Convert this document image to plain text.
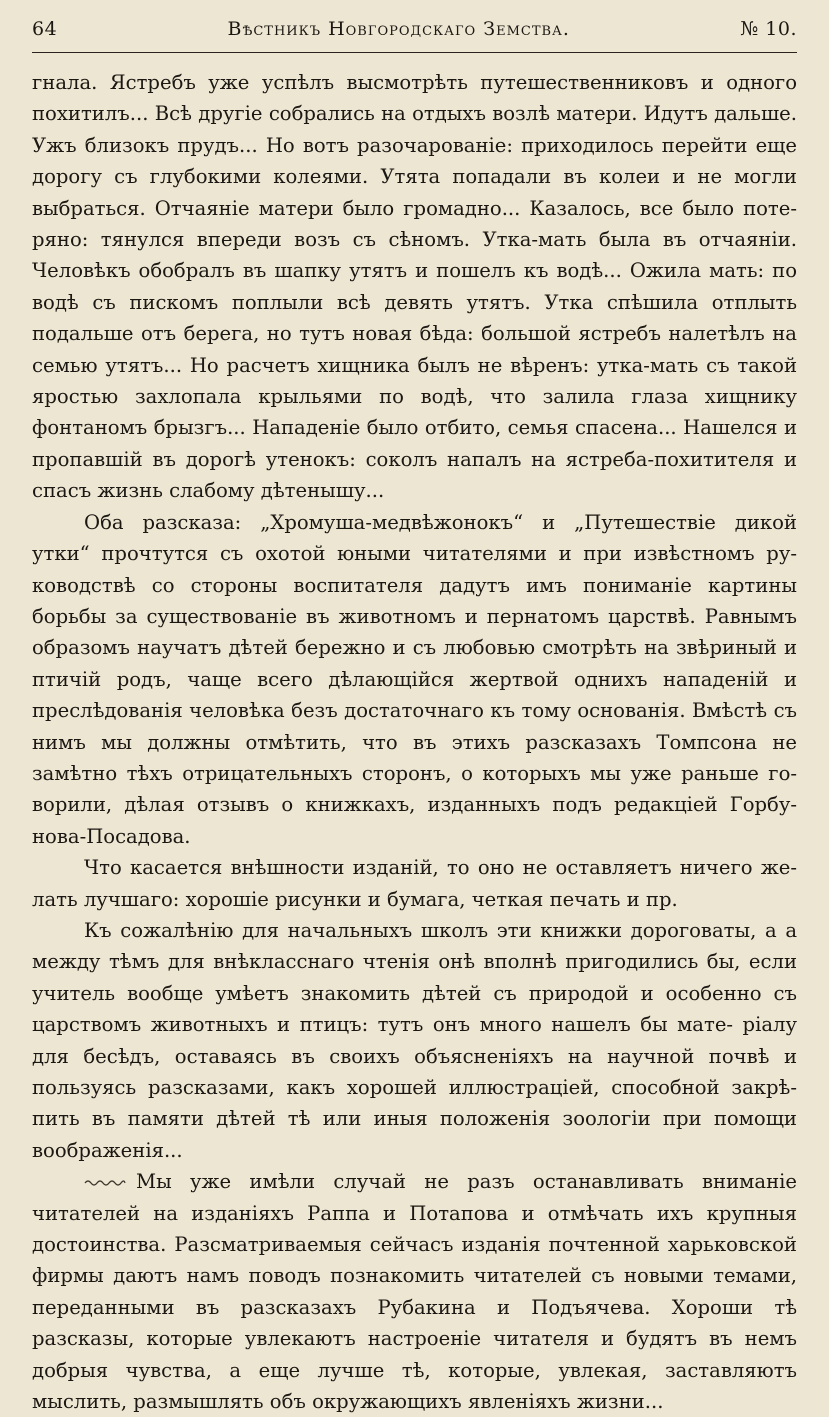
64	Вѣстникъ Новгородскаго Земства.	№ 10.

гнала. Ястребъ уже успѣлъ высмотрѣть путешественниковъ и одного похитилъ... Всѣ другіе собрались на отдыхъ возлѣ матери. Идутъ дальше. Ужъ близокъ прудъ... Но вотъ разочарованіе: приходилось перейти еще дорогу съ глубокими колеями. Утята попадали въ колеи и не могли выбраться. Отчаяніе матери было громадно... Казалось, все было поте- ряно: тянулся впереди возъ съ сѣномъ. Утка-мать была въ отчаяніи. Человѣкъ обобралъ въ шапку утятъ и пошелъ къ водѣ... Ожила мать: по водѣ съ пискомъ поплыли всѣ девять утятъ. Утка спѣшила отплыть подальше отъ берега, но тутъ новая бѣда: большой ястребъ налетѣлъ на семью утятъ... Но расчетъ хищника былъ не вѣренъ: утка-мать съ такой яростью захлопала крыльями по водѣ, что залила глаза хищнику фонтаномъ брызгъ... Нападеніе было отбито, семья спасена... Нашелся и пропавшій въ дорогѣ утенокъ: соколъ напалъ на ястреба-похитителя и спасъ жизнь слабому дѣтенышу...

Оба разсказа: „Хромуша-медвѣжонокъ“ и „Путешествіе дикой утки“ прочтутся съ охотой юными читателями и при извѣстномъ ру- ководствѣ со стороны воспитателя дадутъ имъ пониманіе картины борьбы за существованіе въ животномъ и пернатомъ царствѣ. Равнымъ образомъ научатъ дѣтей бережно и съ любовью смотрѣть на звѣриный и птичій родъ, чаще всего дѣлающійся жертвой однихъ нападеній и преслѣдованія человѣка безъ достаточнаго къ тому основанія. Вмѣстѣ съ нимъ мы должны отмѣтить, что въ этихъ разсказахъ Томпсона не замѣтно тѣхъ отрицательныхъ сторонъ, о которыхъ мы уже раньше го- ворили, дѣлая отзывъ о книжкахъ, изданныхъ подъ редакціей Горбу- нова-Посадова.

Что касается внѣшности изданій, то оно не оставляетъ ничего же- лать лучшаго: хорошіе рисунки и бумага, четкая печать и пр.

Къ сожалѣнію для начальныхъ школъ эти книжки дороговаты, а а между тѣмъ для внѣкласснаго чтенія онѣ вполнѣ пригодились бы, если учитель вообще умѣетъ знакомить дѣтей съ природой и особенно съ царствомъ животныхъ и птицъ: тутъ онъ много нашелъ бы мате- ріалу для бесѣдъ, оставаясь въ своихъ объясненіяхъ на научной почвѣ и пользуясь разсказами, какъ хорошей иллюстраціей, способной закрѣ- пить въ памяти дѣтей тѣ или иныя положенія зоологіи при помощи воображенія...

Мы уже имѣли случай не разъ останавливать вниманіе читателей на изданіяхъ Раппа и Потапова и отмѣчать ихъ крупныя достоинства. Разсматриваемыя сейчасъ изданія почтенной харьковской фирмы даютъ намъ поводъ познакомить читателей съ новыми темами, переданными въ разсказахъ Рубакина и Подъячева. Хороши тѣ разсказы, которые увлекаютъ настроеніе читателя и будятъ въ немъ добрыя чувства, а еще лучше тѣ, которые, увлекая, заставляютъ мыслить, размышлять объ окружающихъ явленіяхъ жизни...
